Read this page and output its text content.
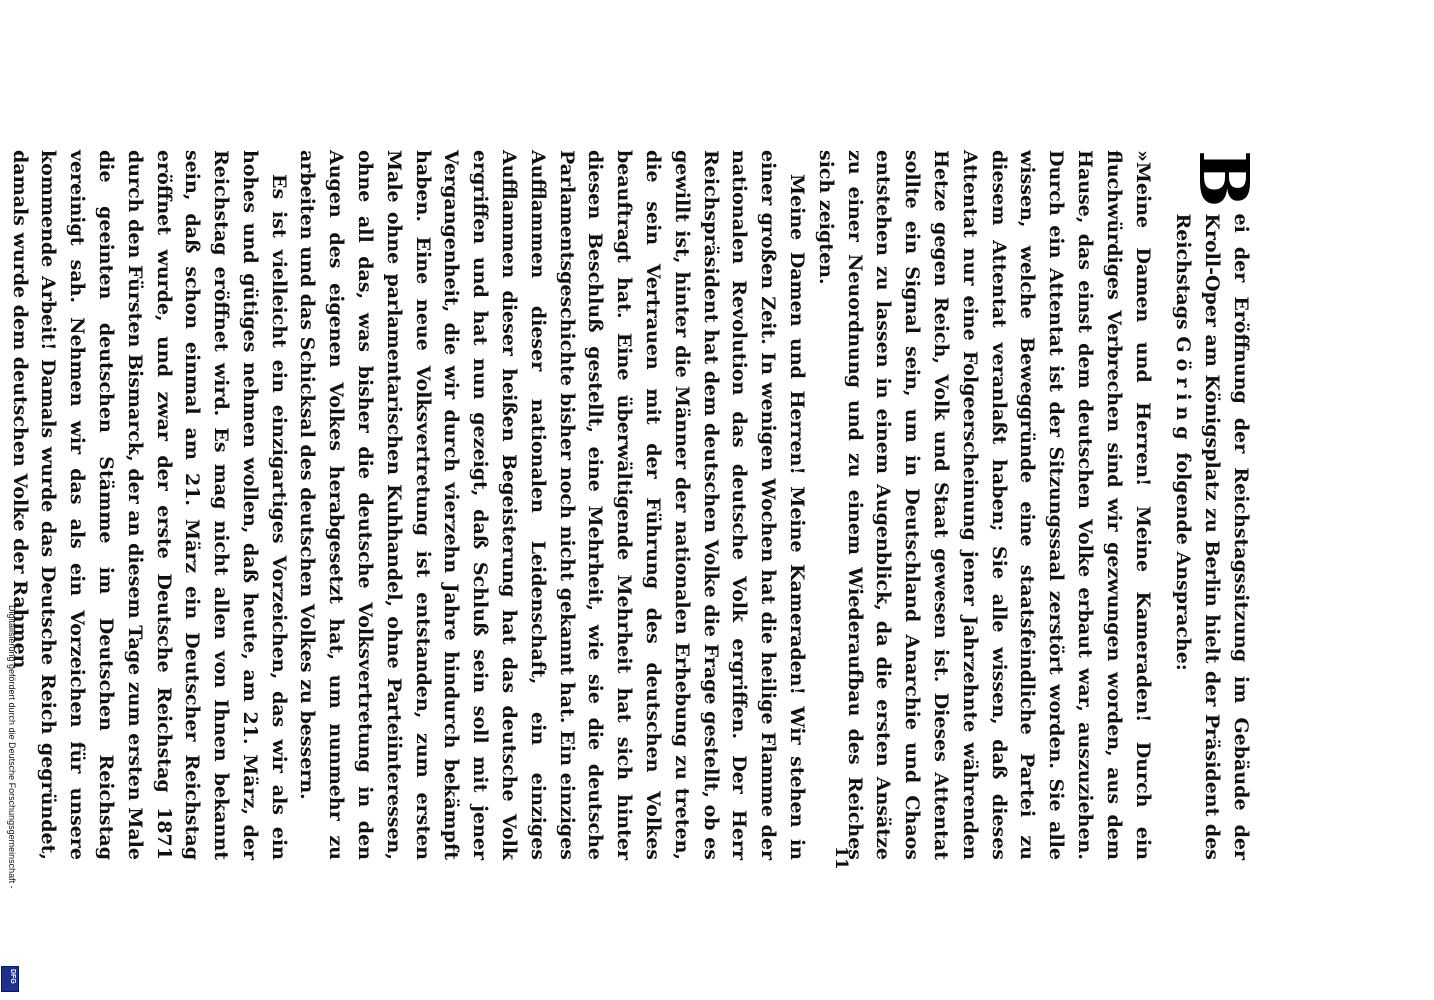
B
ei der Eröffnung der Reichstagssitzung im Gebäude der Kroll-Oper am Königsplatz zu Berlin hielt der Präsident des Reichstags Göring folgende Ansprache:

»Meine Damen und Herren! Meine Kameraden! Durch ein fluchwürdiges Verbrechen sind wir gezwungen worden, aus dem Hause, das einst dem deutschen Volke erbaut war, auszuziehen. Durch ein Attentat ist der Sitzungssaal zerstört worden. Sie alle wissen, welche Beweggründe eine staatsfeindliche Partei zu diesem Attentat veranlaßt haben; Sie alle wissen, daß dieses Attentat nur eine Folgeerscheinung jener Jahrzehnte währenden Hetze gegen Reich, Volk und Staat gewesen ist. Dieses Attentat sollte ein Signal sein, um in Deutschland Anarchie und Chaos entstehen zu lassen in einem Augenblick, da die ersten Ansätze zu einer Neuordnung und zu einem Wiederaufbau des Reiches sich zeigten.

Meine Damen und Herren! Meine Kameraden! Wir stehen in einer großen Zeit. In wenigen Wochen hat die heilige Flamme der nationalen Revolution das deutsche Volk ergriffen. Der Herr Reichspräsident hat dem deutschen Volke die Frage gestellt, ob es gewillt ist, hinter die Männer der nationalen Erhebung zu treten, die sein Vertrauen mit der Führung des deutschen Volkes beauftragt hat. Eine überwältigende Mehrheit hat sich hinter diesen Beschluß gestellt, eine Mehrheit, wie sie die deutsche Parlamentsgeschichte bisher noch nicht gekannt hat. Ein einziges Aufflammen dieser nationalen Leidenschaft, ein einziges Aufflammen dieser heißen Begeisterung hat das deutsche Volk ergriffen und hat nun gezeigt, daß Schluß sein soll mit jener Vergangenheit, die wir durch vierzehn Jahre hindurch bekämpft haben. Eine neue Volksvertretung ist entstanden, zum ersten Male ohne parlamentarischen Kuhhandel, ohne Parteiinteressen, ohne all das, was bisher die deutsche Volksvertretung in den Augen des eigenen Volkes herabgesetzt hat, um nunmehr zu arbeiten und das Schicksal des deutschen Volkes zu bessern.

Es ist vielleicht ein einzigartiges Vorzeichen, das wir als ein hohes und gütiges nehmen wollen, daß heute, am 21. März, der Reichstag eröffnet wird. Es mag nicht allen von Ihnen bekannt sein, daß schon einmal am 21. März ein Deutscher Reichstag eröffnet wurde, und zwar der erste Deutsche Reichstag 1871 durch den Fürsten Bismarck, der an diesem Tage zum ersten Male die geeinten deutschen Stämme im Deutschen Reichstag vereinigt sah. Nehmen wir das als ein Vorzeichen für unsere kommende Arbeit! Damals wurde das Deutsche Reich gegründet, damals wurde dem deutschen Volke der Rahmen

11
Digitalisierung gefördert durch die Deutsche Forschungsgemeinschaft -
DFG
